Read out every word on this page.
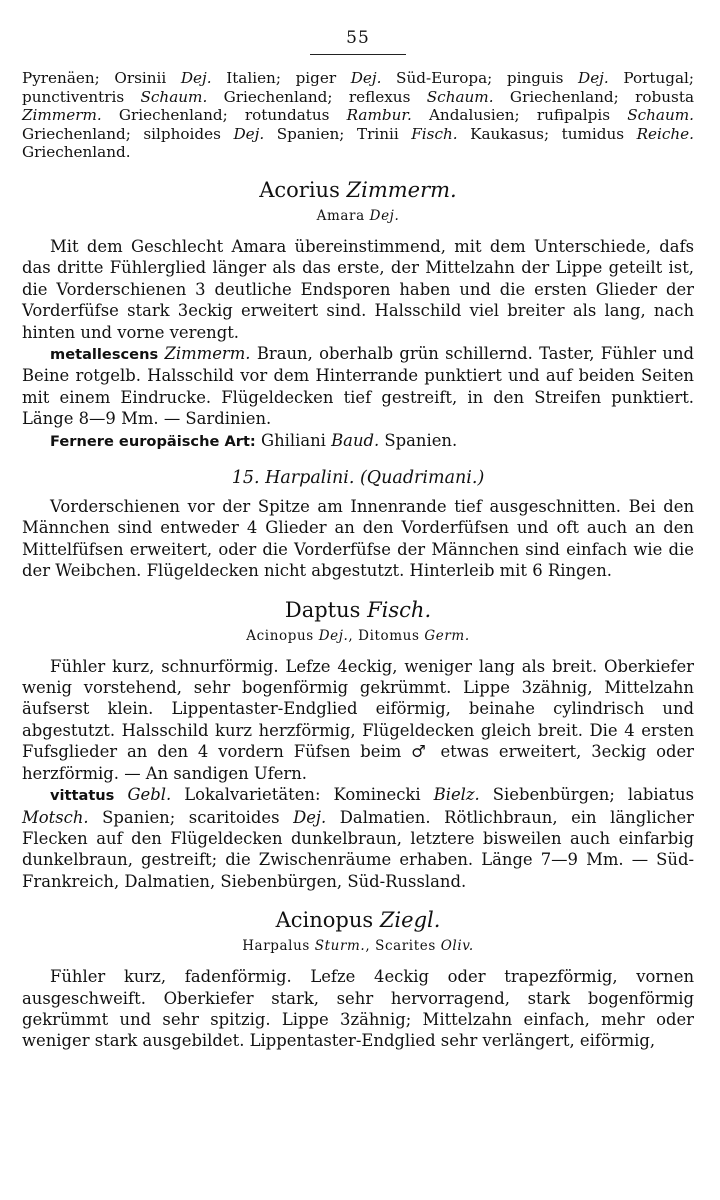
55

Pyrenäen; Orsinii Dej. Italien; piger Dej. Süd-Europa; pinguis Dej. Portugal; punctiventris Schaum. Griechenland; reflexus Schaum. Griechenland; robusta Zimmerm. Griechenland; rotundatus Rambur. Andalusien; rufipalpis Schaum. Griechenland; silphoides Dej. Spanien; Trinii Fisch. Kaukasus; tumidus Reiche. Griechenland.

Acorius Zimmerm.
Amara Dej.

Mit dem Geschlecht Amara übereinstimmend, mit dem Unterschiede, dafs das dritte Fühlerglied länger als das erste, der Mittelzahn der Lippe geteilt ist, die Vorderschienen 3 deutliche Endsporen haben und die ersten Glieder der Vorderfüfse stark 3eckig erweitert sind. Halsschild viel breiter als lang, nach hinten und vorne verengt.

metallescens Zimmerm. Braun, oberhalb grün schillernd. Taster, Fühler und Beine rotgelb. Halsschild vor dem Hinterrande punktiert und auf beiden Seiten mit einem Eindrucke. Flügeldecken tief gestreift, in den Streifen punktiert. Länge 8—9 Mm. — Sardinien.

Fernere europäische Art: Ghiliani Baud. Spanien.

15. Harpalini. (Quadrimani.)

Vorderschienen vor der Spitze am Innenrande tief ausgeschnitten. Bei den Männchen sind entweder 4 Glieder an den Vorderfüfsen und oft auch an den Mittelfüfsen erweitert, oder die Vorderfüfse der Männchen sind einfach wie die der Weibchen. Flügeldecken nicht abgestutzt. Hinterleib mit 6 Ringen.

Daptus Fisch.
Acinopus Dej., Ditomus Germ.

Fühler kurz, schnurförmig. Lefze 4eckig, weniger lang als breit. Oberkiefer wenig vorstehend, sehr bogenförmig gekrümmt. Lippe 3zähnig, Mittelzahn äufserst klein. Lippentaster-Endglied eiförmig, beinahe cylindrisch und abgestutzt. Halsschild kurz herzförmig, Flügeldecken gleich breit. Die 4 ersten Fufsglieder an den 4 vordern Füfsen beim ♂ etwas erweitert, 3eckig oder herzförmig. — An sandigen Ufern.

vittatus Gebl. Lokalvarietäten: Kominecki Bielz. Siebenbürgen; labiatus Motsch. Spanien; scaritoides Dej. Dalmatien. Rötlichbraun, ein länglicher Flecken auf den Flügeldecken dunkelbraun, letztere bisweilen auch einfarbig dunkelbraun, gestreift; die Zwischenräume erhaben. Länge 7—9 Mm. — Süd-Frankreich, Dalmatien, Siebenbürgen, Süd-Russland.

Acinopus Ziegl.
Harpalus Sturm., Scarites Oliv.

Fühler kurz, fadenförmig. Lefze 4eckig oder trapezförmig, vornen ausgeschweift. Oberkiefer stark, sehr hervorragend, stark bogenförmig gekrümmt und sehr spitzig. Lippe 3zähnig; Mittelzahn einfach, mehr oder weniger stark ausgebildet. Lippentaster-Endglied sehr verlängert, eiförmig,
